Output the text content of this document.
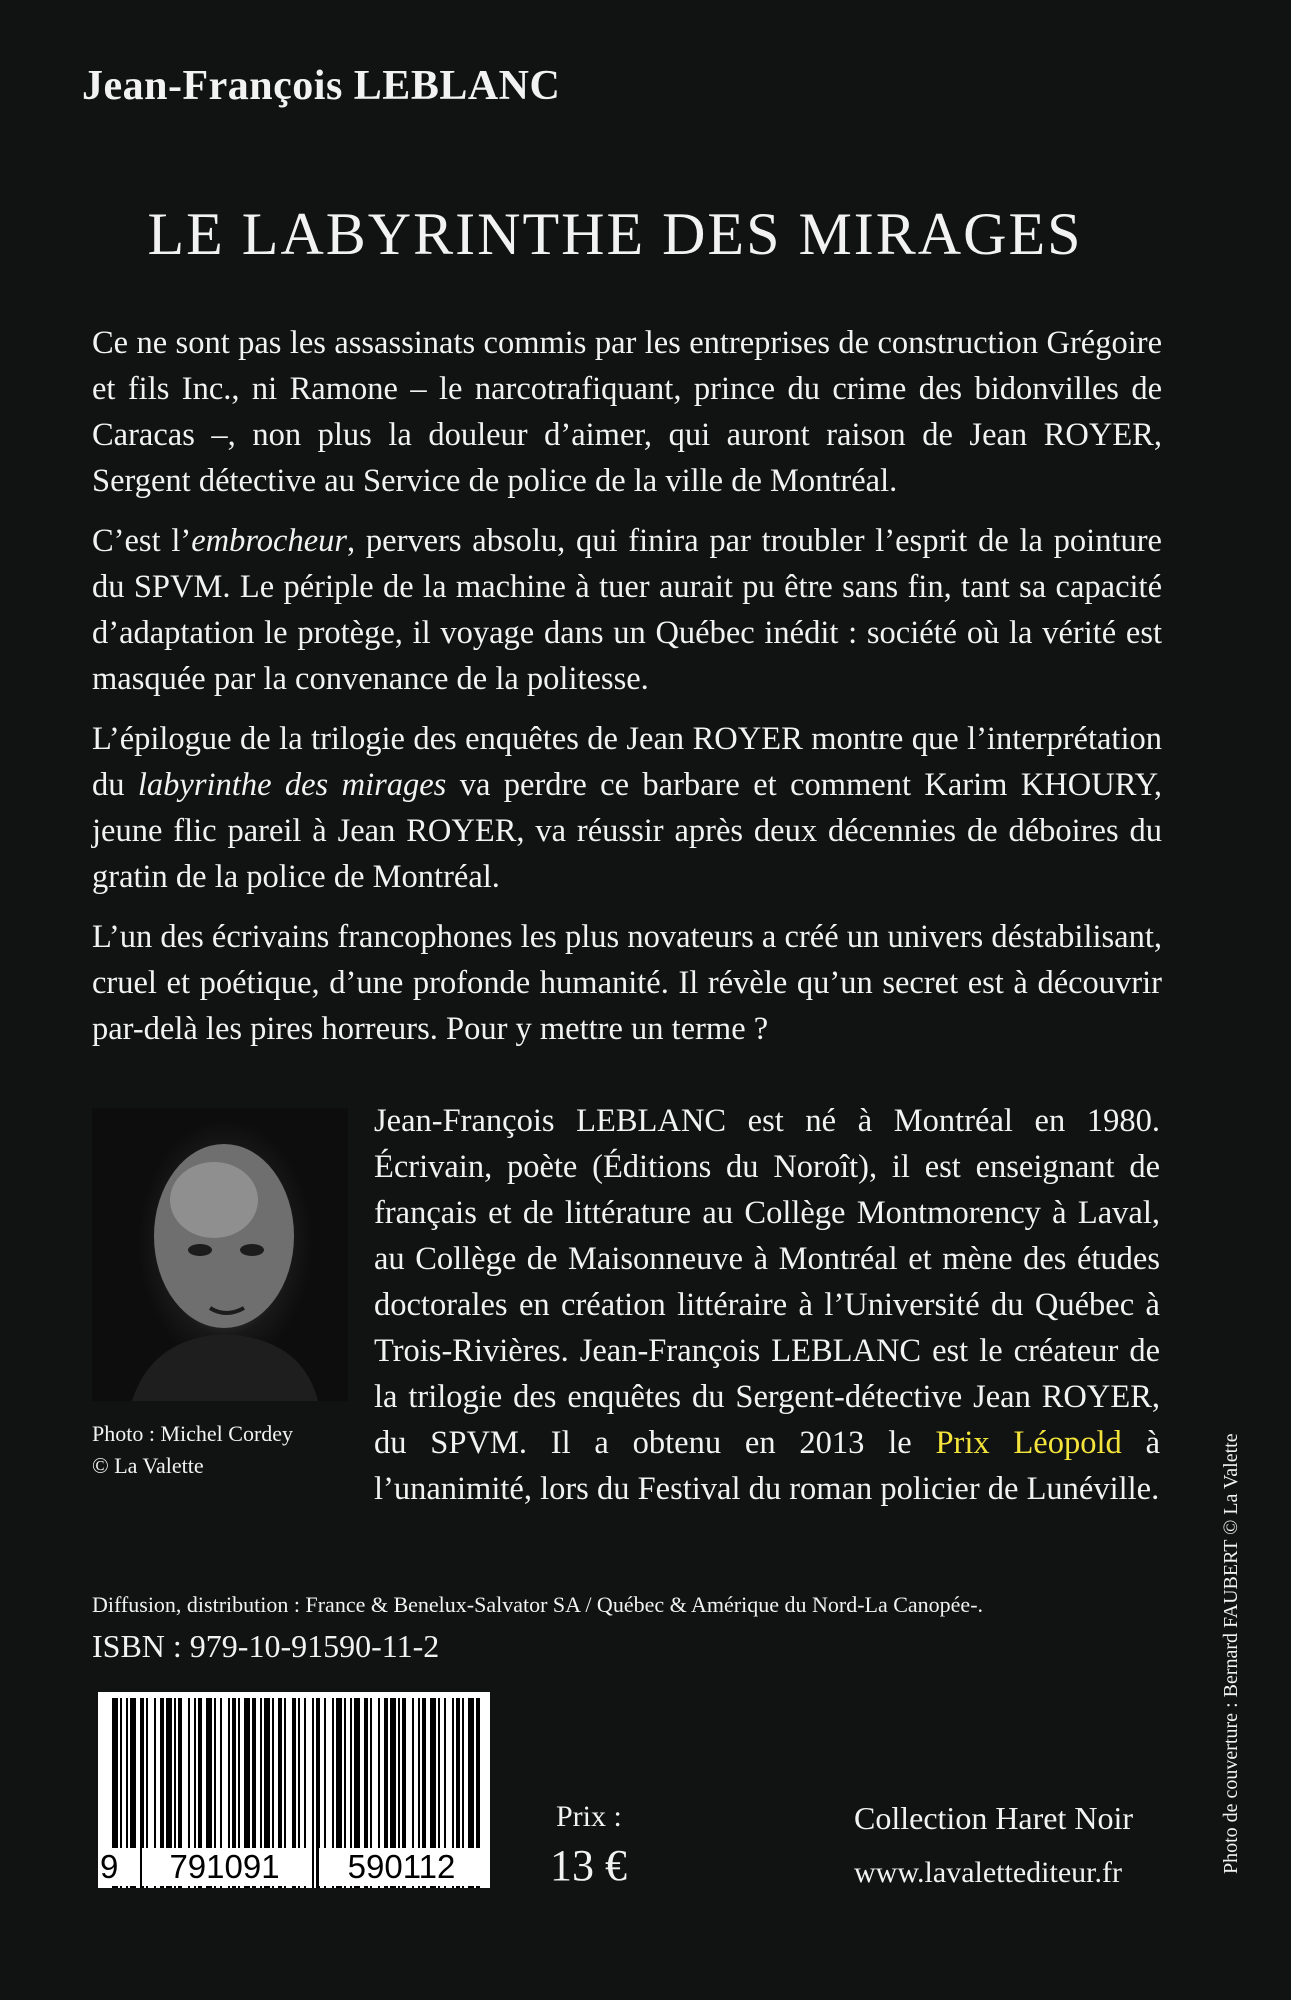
Jean-François LEBLANC
LE LABYRINTHE DES MIRAGES

Ce ne sont pas les assassinats commis par les entreprises de construction Grégoire et fils Inc., ni Ramone – le narcotrafiquant, prince du crime des bidonvilles de Caracas –, non plus la douleur d’aimer, qui auront raison de Jean ROYER, Sergent détective au Service de police de la ville de Montréal.

C’est l’embrocheur, pervers absolu, qui finira par troubler l’esprit de la pointure du SPVM. Le périple de la machine à tuer aurait pu être sans fin, tant sa capacité d’adaptation le protège, il voyage dans un Québec inédit : société où la vérité est masquée par la convenance de la politesse.

L’épilogue de la trilogie des enquêtes de Jean ROYER montre que l’interprétation du labyrinthe des mirages va perdre ce barbare et comment Karim KHOURY, jeune flic pareil à Jean ROYER, va réussir après deux décennies de déboires du gratin de la police de Montréal.

L’un des écrivains francophones les plus novateurs a créé un univers déstabilisant, cruel et poétique, d’une profonde humanité. Il révèle qu’un secret est à découvrir par-delà les pires horreurs. Pour y mettre un terme ?

Photo : Michel Cordey
© La Valette

Jean-François LEBLANC est né à Montréal en 1980. Écrivain, poète (Éditions du Noroît), il est enseignant de français et de littérature au Collège Montmorency à Laval, au Collège de Maisonneuve à Montréal et mène des études doctorales en création littéraire à l’Université du Québec à Trois-Rivières. Jean-François LEBLANC est le créateur de la trilogie des enquêtes du Sergent-détective Jean ROYER, du SPVM. Il a obtenu en 2013 le Prix Léopold à l’unanimité, lors du Festival du roman policier de Lunéville.	Photo de couverture : Bernard FAUBERT © La Valette
Diffusion, distribution : France & Benelux-Salvator SA / Québec & Amérique du Nord-La Canopée-.
ISBN : 979-10-91590-11-2
9	791091	590112
Prix :
13 €
Collection Haret Noir
www.lavalettediteur.fr
